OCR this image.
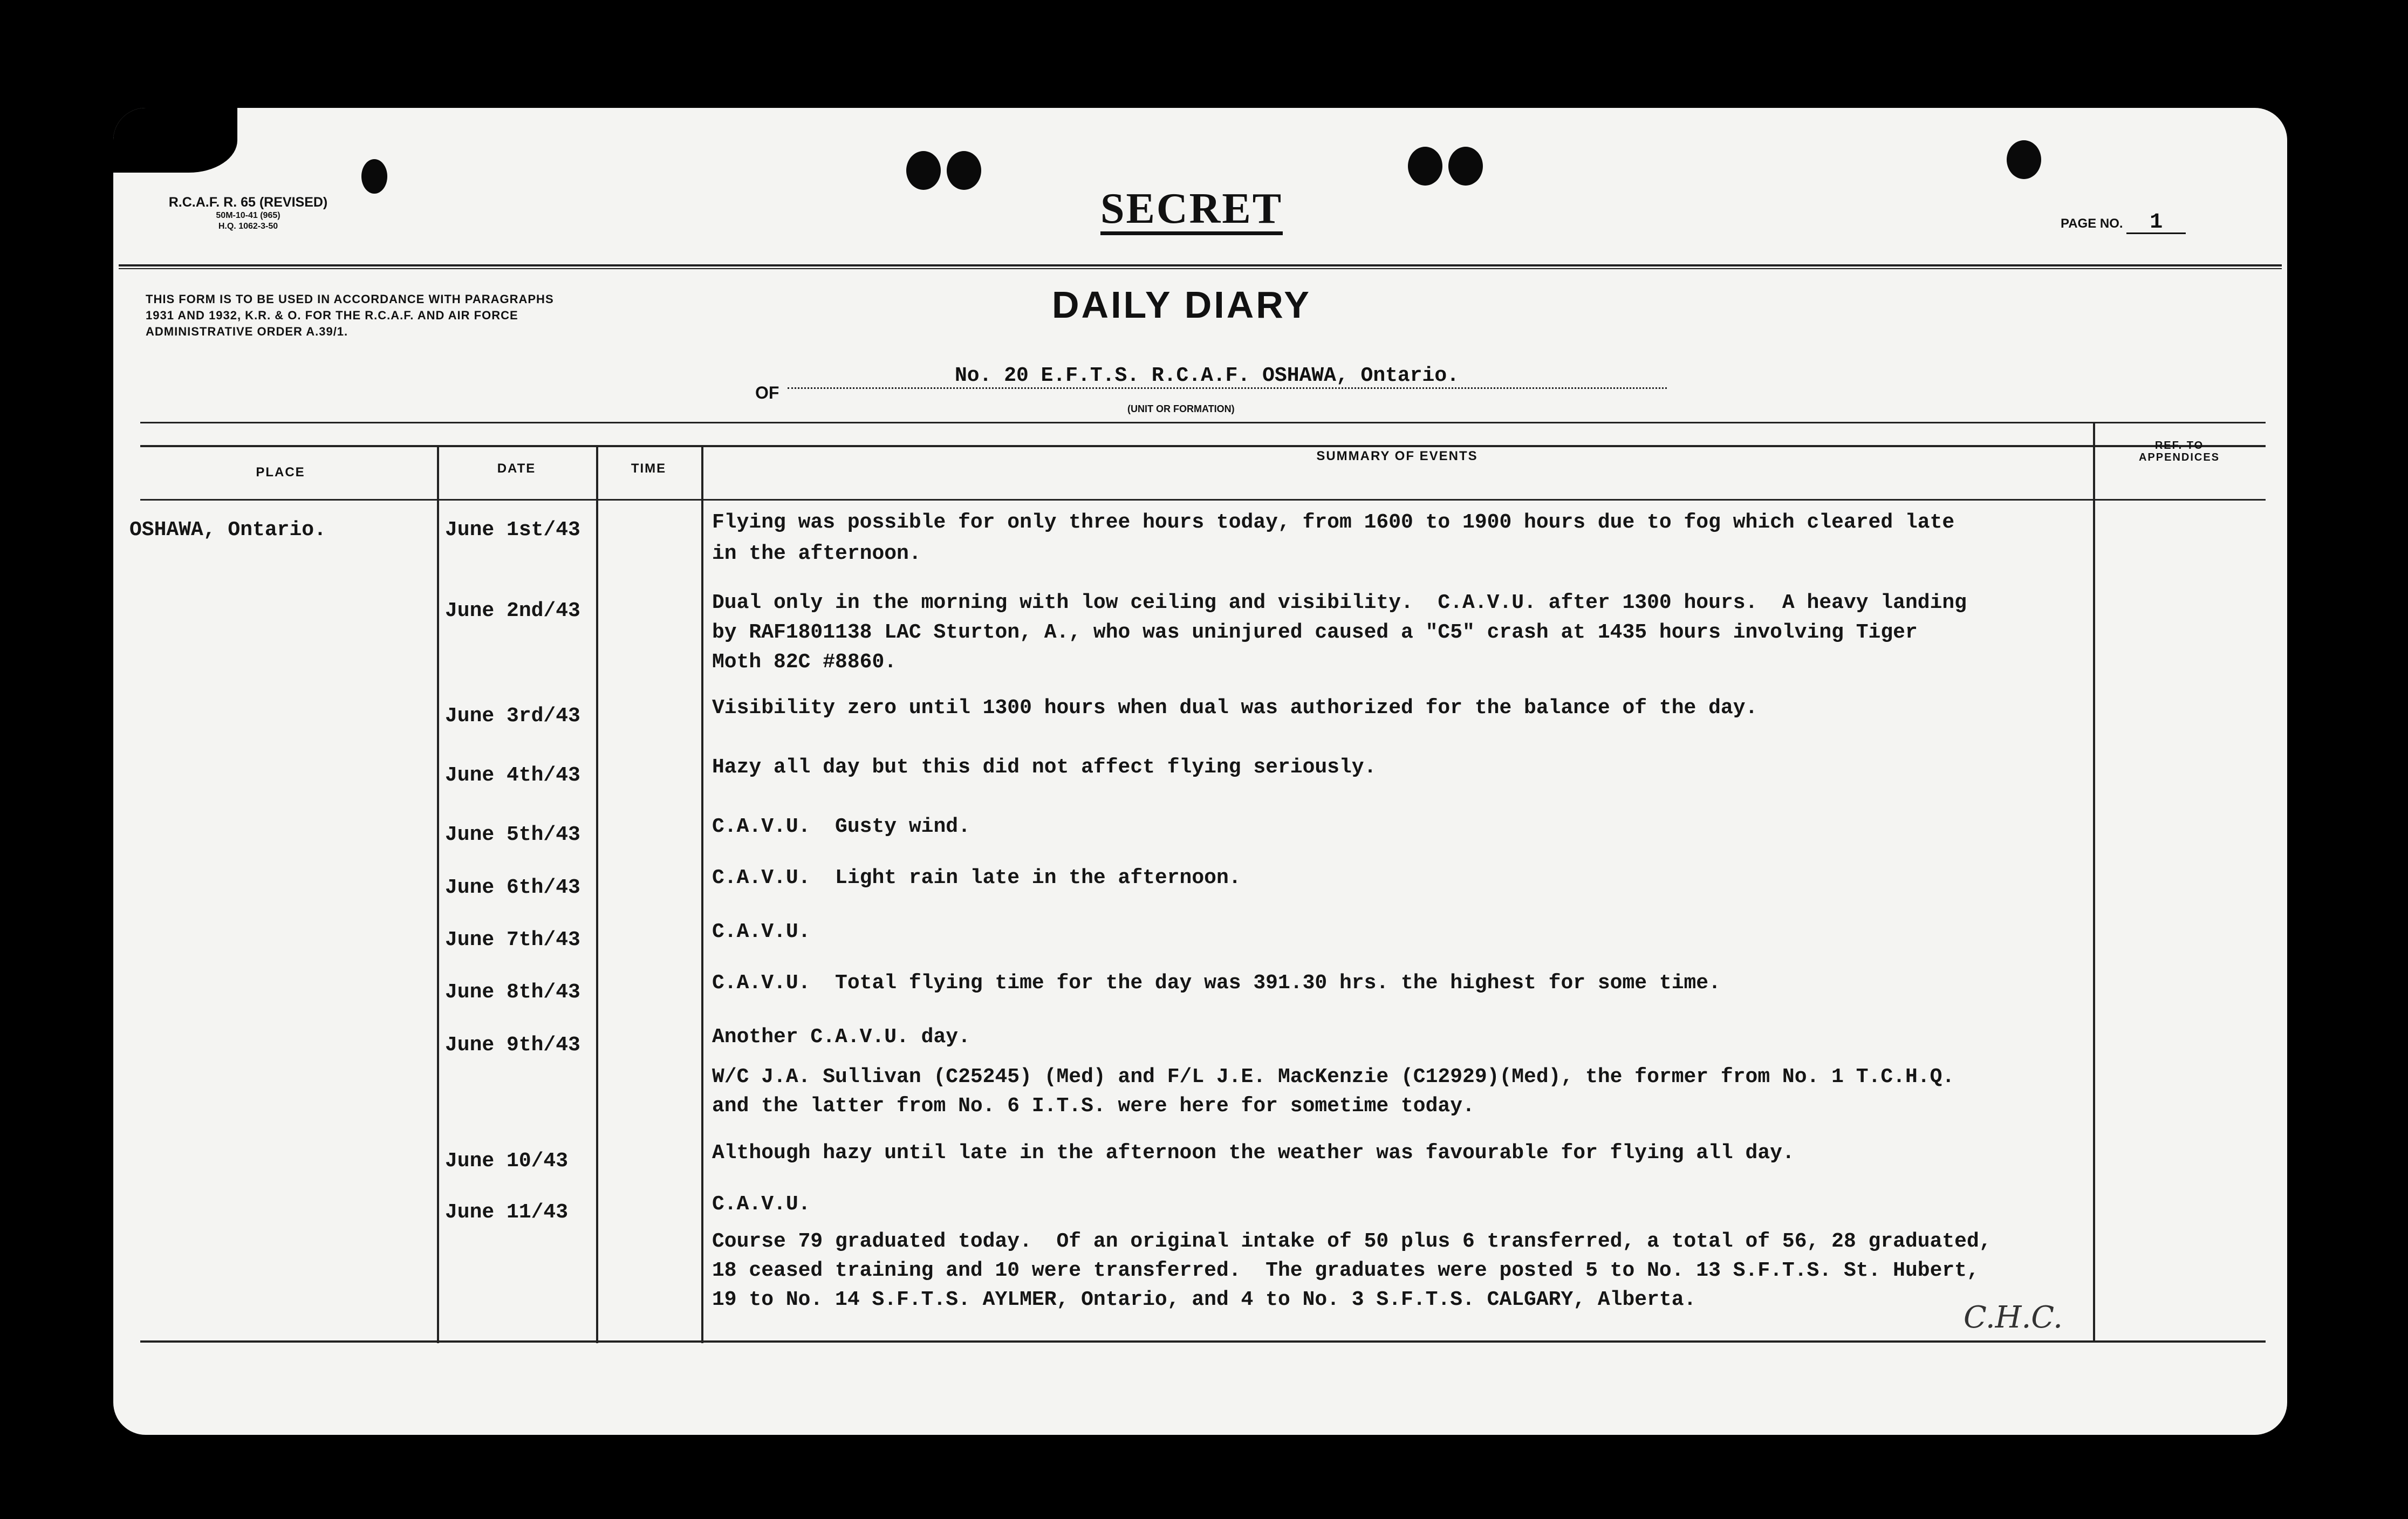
R.C.A.F. R. 65 (REVISED)
50M-10-41 (965)
H.Q. 1062-3-50	SECRET	PAGE NO. 1
THIS FORM IS TO BE USED IN ACCORDANCE WITH PARAGRAPHS 1931 AND 1932, K.R. & O. FOR THE R.C.A.F. AND AIR FORCE ADMINISTRATIVE ORDER A.39/1.
DAILY DIARY
OF
No. 20 E.F.T.S. R.C.A.F. OSHAWA, Ontario.
(UNIT OR FORMATION)
PLACE	DATE	TIME
SUMMARY OF EVENTS
REF. TO
APPENDICES
OSHAWA, Ontario.	June 1st/43	Flying was possible for only three hours today, from 1600 to 1900 hours due to fog which cleared late
in the afternoon.
June 2nd/43	Dual only in the morning with low ceiling and visibility.  C.A.V.U. after 1300 hours.  A heavy landing
by RAF1801138 LAC Sturton, A., who was uninjured caused a "C5" crash at 1435 hours involving Tiger
Moth 82C #8860.
June 3rd/43	Visibility zero until 1300 hours when dual was authorized for the balance of the day.
June 4th/43	Hazy all day but this did not affect flying seriously.
June 5th/43	C.A.V.U.  Gusty wind.
June 6th/43	C.A.V.U.  Light rain late in the afternoon.
June 7th/43	C.A.V.U.
June 8th/43	C.A.V.U.  Total flying time for the day was 391.30 hrs. the highest for some time.
June 9th/43	Another C.A.V.U. day.
W/C J.A. Sullivan (C25245) (Med) and F/L J.E. MacKenzie (C12929)(Med), the former from No. 1 T.C.H.Q.
and the latter from No. 6 I.T.S. were here for sometime today.
June 10/43	Although hazy until late in the afternoon the weather was favourable for flying all day.
June 11/43	C.A.V.U.
Course 79 graduated today.  Of an original intake of 50 plus 6 transferred, a total of 56, 28 graduated,
18 ceased training and 10 were transferred.  The graduates were posted 5 to No. 13 S.F.T.S. St. Hubert,
19 to No. 14 S.F.T.S. AYLMER, Ontario, and 4 to No. 3 S.F.T.S. CALGARY, Alberta.
C.H.C.
